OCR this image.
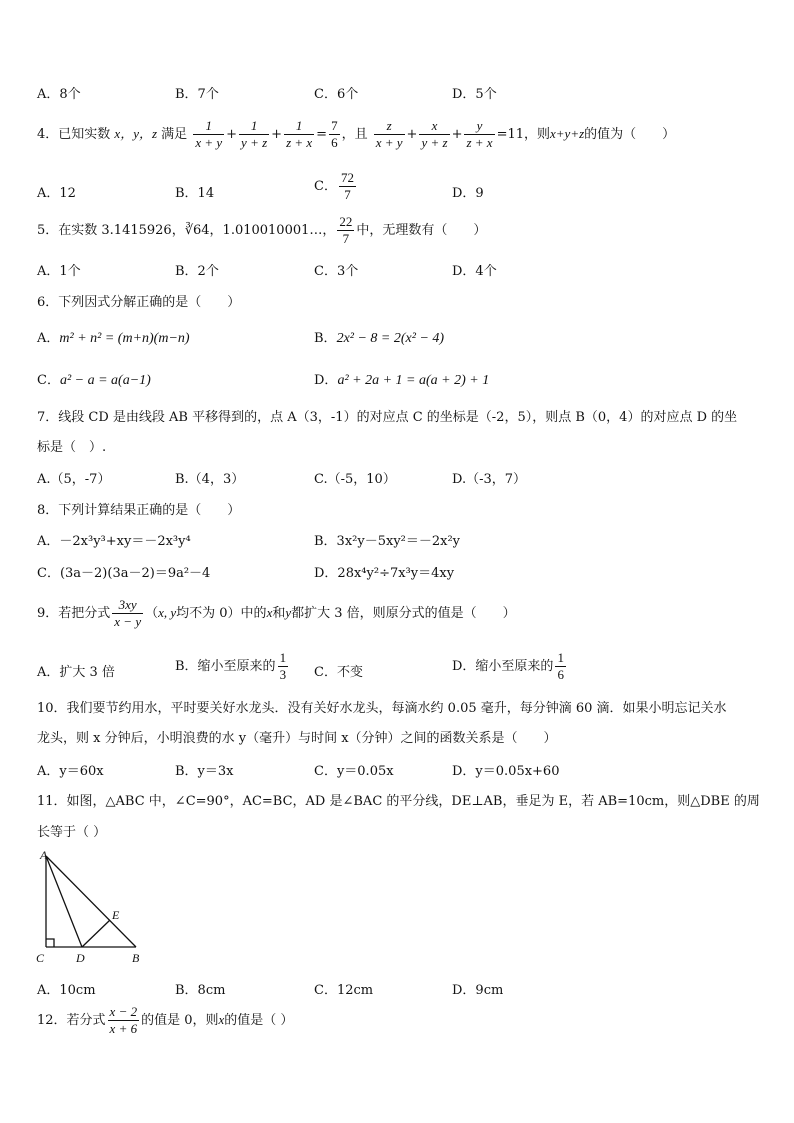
A．8个	B．7个	C．6个	D．5个
4．已知实数 x，y，z 满足 $\frac{1}{x + y} + \frac{1}{y + z} + \frac{1}{z + x} = \frac{7}{6}$ ，且 $\frac{z}{x + y} + \frac{x}{y + z} + \frac{y}{z + x} =11$，则x+y+z的值为（　　）
A．12	B．14	C． $\frac{72}{7}$	D．9
5．在实数 3.1415926，∛64，1.010010001…， $\frac{22}{7}$ 中，无理数有（　　）
A．1个	B．2个	C．3个	D．4个
6．下列因式分解正确的是（　　）
A．m² + n² = (m+n)(m−n)	B．2x² − 8 = 2(x² − 4)
C．a² − a = a(a−1)	D．a² + 2a + 1 = a(a + 2) + 1
7．线段 CD 是由线段 AB 平移得到的，点 A（3，-1）的对应点 C 的坐标是（-2，5），则点 B（0，4）的对应点 D 的坐
标是（　）.
A.（5，-7）	B.（4，3）	C.（-5，10）	D.（-3，7）
8．下列计算结果正确的是（　　）
A．－2x³y³+xy＝－2x³y⁴	B．3x²y－5xy²＝－2x²y
C．(3a－2)(3a－2)＝9a²－4	D．28x⁴y²÷7x³y＝4xy
9．若把分式 $\frac{3xy}{x - y} (x$, y均不为 0）中的x和y都扩大 3 倍，则原分式的值是（　　）
A．扩大 3 倍	B．缩小至原来的 $\frac{1}{3}$ C．不变	D．缩小至原来的 $\frac{1}{6}$
10．我们要节约用水，平时要关好水龙头．没有关好水龙头，每滴水约 0.05 毫升，每分钟滴 60 滴．如果小明忘记关水
龙头，则 x 分钟后，小明浪费的水 y（毫升）与时间 x（分钟）之间的函数关系是（　　）
A．y＝60x	B．y＝3x	C．y＝0.05x	D．y＝0.05x+60
11．如图，△ABC 中，∠C=90°，AC=BC，AD 是∠BAC 的平分线，DE⊥AB，垂足为 E，若 AB=10cm，则△DBE 的周
长等于（ ）
A
C	D	B
E
A．10cm	B．8cm	C．12cm	D．9cm
12．若分式 $\frac{x - 2}{x + 6}$ 的值是 0，则x的值是（ ）
